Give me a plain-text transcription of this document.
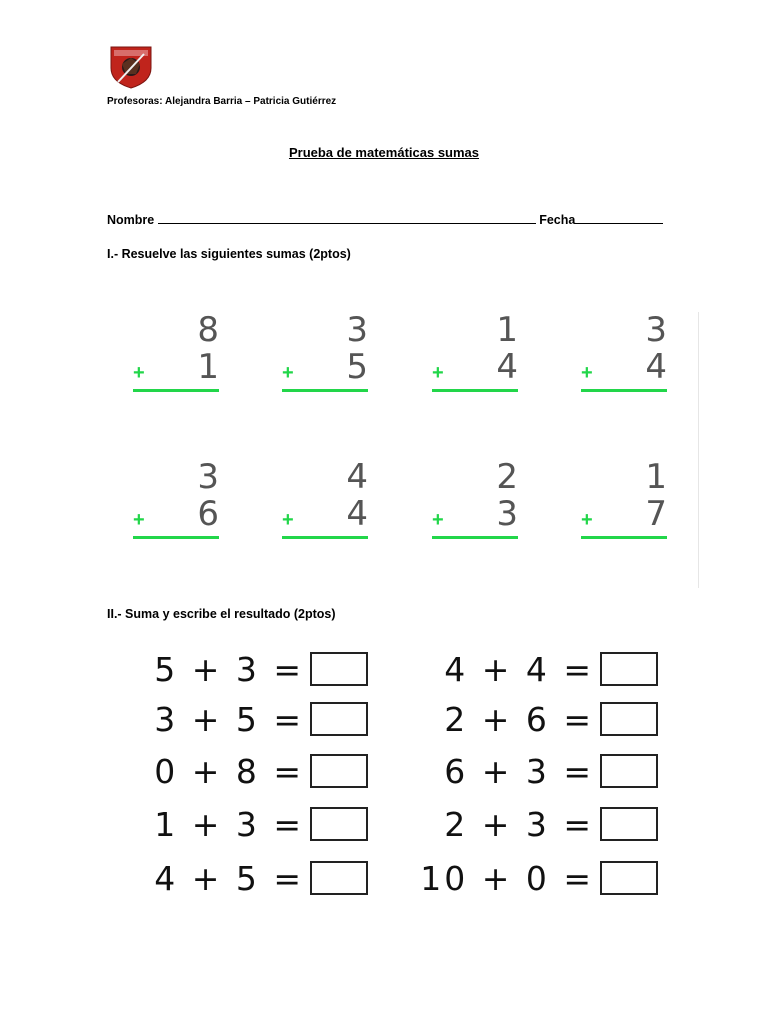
Profesoras: Alejandra Barria – Patricia Gutiérrez
Prueba de matemáticas sumas
Nombre	Fecha
I.- Resuelve las siguientes sumas (2ptos)
8
1
+
3
5
+
1
4
+
3
4
+
3
6
+
4
4
+
2
3
+
1
7
+
II.- Suma y escribe el resultado (2ptos)
5 + 3 =	4 + 4 =
3 + 5 =	2 + 6 =
0 + 8 =	6 + 3 =
1 + 3 =	2 + 3 =
4 + 5 =	10 + 0 =
